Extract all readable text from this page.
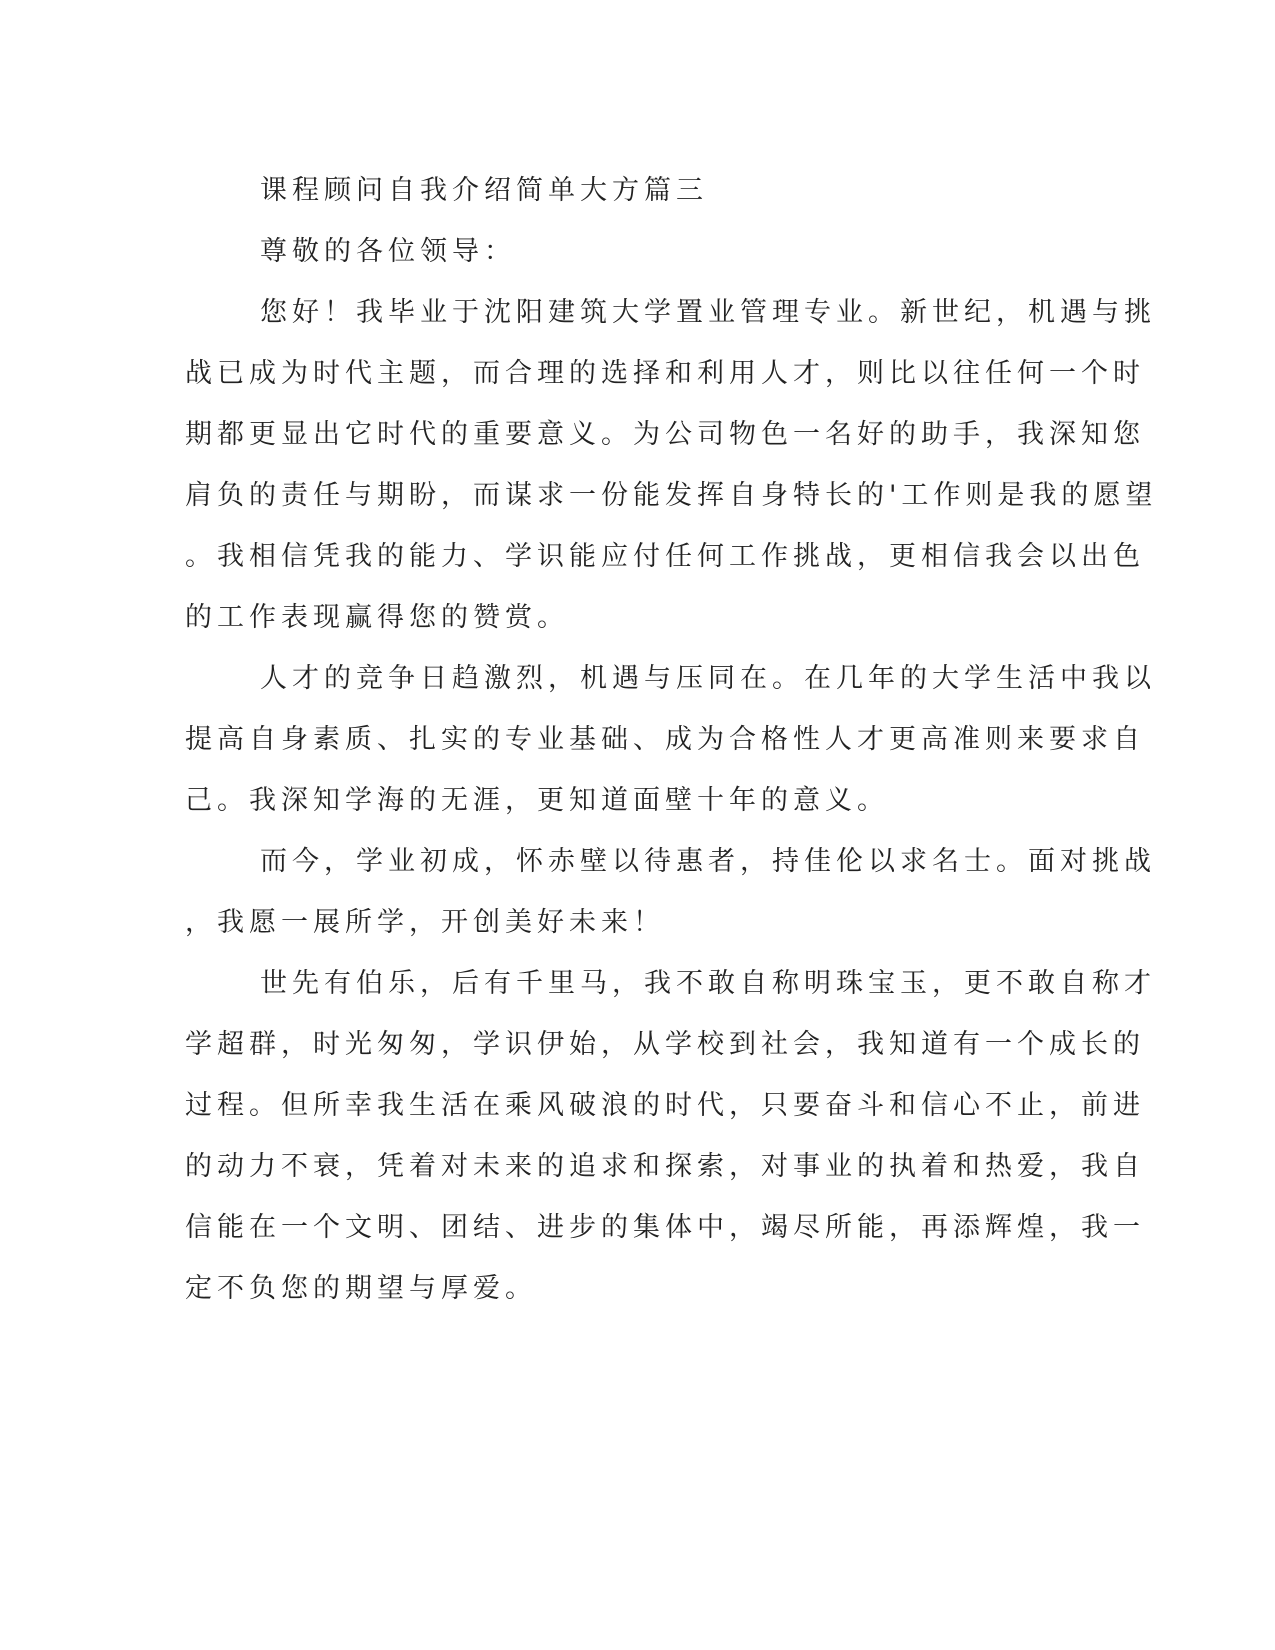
课程顾问自我介绍简单大方篇三
尊敬的各位领导：
您好！我毕业于沈阳建筑大学置业管理专业。新世纪，机遇与挑
战已成为时代主题，而合理的选择和利用人才，则比以往任何一个时
期都更显出它时代的重要意义。为公司物色一名好的助手，我深知您
肩负的责任与期盼，而谋求一份能发挥自身特长的'工作则是我的愿望
。我相信凭我的能力、学识能应付任何工作挑战，更相信我会以出色
的工作表现赢得您的赞赏。
人才的竞争日趋激烈，机遇与压同在。在几年的大学生活中我以
提高自身素质、扎实的专业基础、成为合格性人才更高准则来要求自
己。我深知学海的无涯，更知道面壁十年的意义。
而今，学业初成，怀赤壁以待惠者，持佳伦以求名士。面对挑战
，我愿一展所学，开创美好未来！
世先有伯乐，后有千里马，我不敢自称明珠宝玉，更不敢自称才
学超群，时光匆匆，学识伊始，从学校到社会，我知道有一个成长的
过程。但所幸我生活在乘风破浪的时代，只要奋斗和信心不止，前进
的动力不衰，凭着对未来的追求和探索，对事业的执着和热爱，我自
信能在一个文明、团结、进步的集体中，竭尽所能，再添辉煌，我一
定不负您的期望与厚爱。
